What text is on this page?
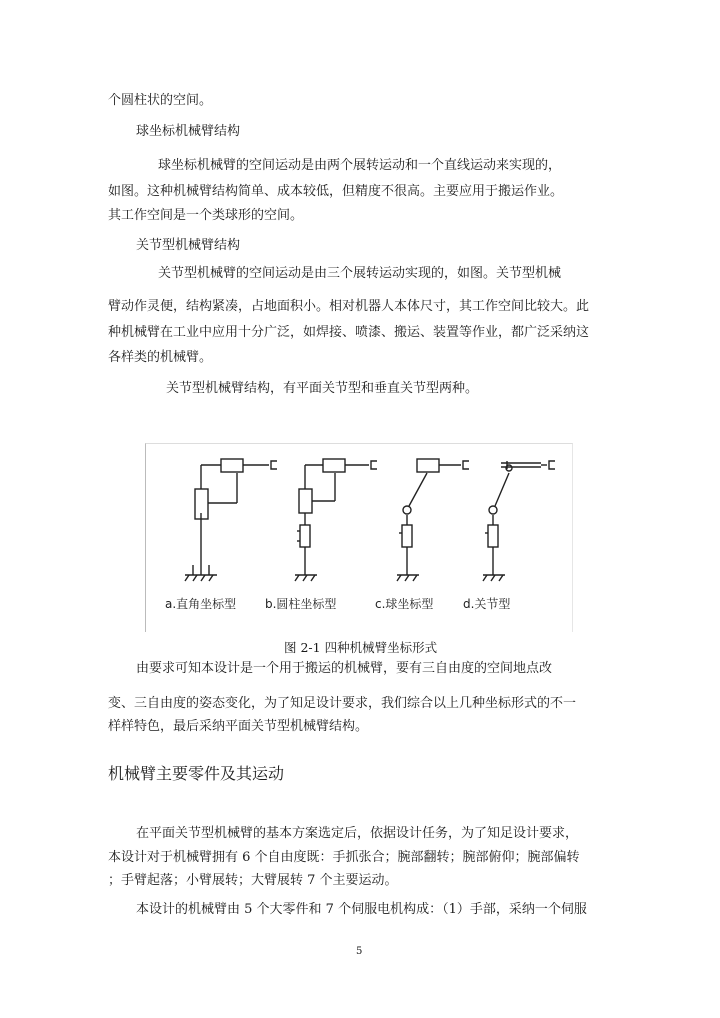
个圆柱状的空间。
球坐标机械臂结构
球坐标机械臂的空间运动是由两个展转运动和一个直线运动来实现的，
如图。这种机械臂结构简单、成本较低，但精度不很高。主要应用于搬运作业。
其工作空间是一个类球形的空间。
关节型机械臂结构
关节型机械臂的空间运动是由三个展转运动实现的，如图。关节型机械
臂动作灵便，结构紧凑，占地面积小。相对机器人本体尺寸，其工作空间比较大。此
种机械臂在工业中应用十分广泛，如焊接、喷漆、搬运、装置等作业，都广泛采纳这
各样类的机械臂。
关节型机械臂结构，有平面关节型和垂直关节型两种。
a.直角坐标型 b.圆柱坐标型	c.球坐标型 d.关节型
图 2-1 四种机械臂坐标形式
由要求可知本设计是一个用于搬运的机械臂，要有三自由度的空间地点改
变、三自由度的姿态变化，为了知足设计要求，我们综合以上几种坐标形式的不一
样样特色，最后采纳平面关节型机械臂结构。
机械臂主要零件及其运动
在平面关节型机械臂的基本方案选定后，依据设计任务，为了知足设计要求，
本设计对于机械臂拥有 6 个自由度既：手抓张合；腕部翻转；腕部俯仰；腕部偏转
；手臂起落；小臂展转；大臂展转 7 个主要运动。
本设计的机械臂由 5 个大零件和 7 个伺服电机构成：（1）手部，采纳一个伺服
5
